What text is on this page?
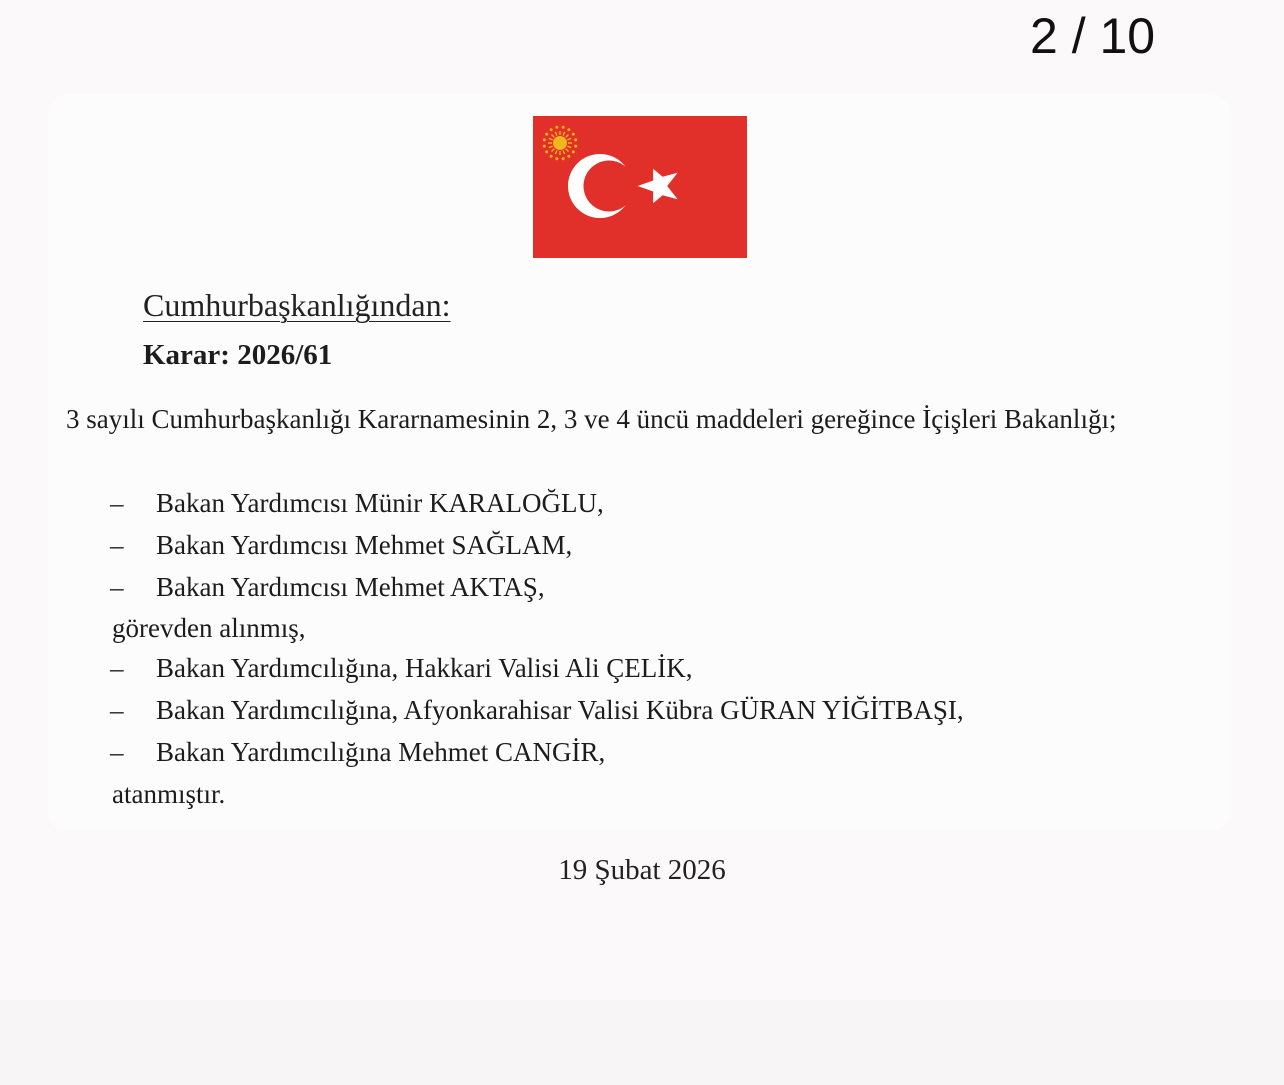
2 / 10
Cumhurbaşkanlığından:
Karar: 2026/61
3 sayılı Cumhurbaşkanlığı Kararnamesinin 2, 3 ve 4 üncü maddeleri gereğince İçişleri Bakanlığı;
–	Bakan Yardımcısı Münir KARALOĞLU,
–	Bakan Yardımcısı Mehmet SAĞLAM,
–	Bakan Yardımcısı Mehmet AKTAŞ,
görevden alınmış,
–	Bakan Yardımcılığına, Hakkari Valisi Ali ÇELİK,
–	Bakan Yardımcılığına, Afyonkarahisar Valisi Kübra GÜRAN YİĞİTBAŞI,
–	Bakan Yardımcılığına Mehmet CANGİR,
atanmıştır.
19 Şubat 2026
